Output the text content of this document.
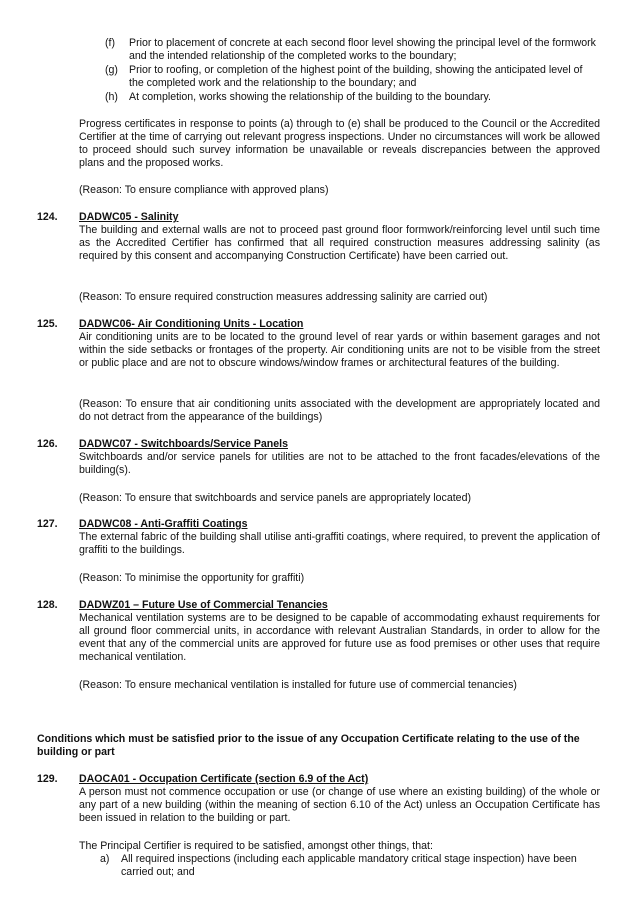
(f) Prior to placement of concrete at each second floor level showing the principal level of the formwork and the intended relationship of the completed works to the boundary;
(g) Prior to roofing, or completion of the highest point of the building, showing the anticipated level of the completed work and the relationship to the boundary; and
(h) At completion, works showing the relationship of the building to the boundary.

Progress certificates in response to points (a) through to (e) shall be produced to the Council or the Accredited Certifier at the time of carrying out relevant progress inspections. Under no circumstances will work be allowed to proceed should such survey information be unavailable or reveals discrepancies between the approved plans and the proposed works.

(Reason: To ensure compliance with approved plans)

124. DADWC05 - Salinity

The building and external walls are not to proceed past ground floor formwork/reinforcing level until such time as the Accredited Certifier has confirmed that all required construction measures addressing salinity (as required by this consent and accompanying Construction Certificate) have been carried out.

(Reason: To ensure required construction measures addressing salinity are carried out)

125. DADWC06- Air Conditioning Units - Location

Air conditioning units are to be located to the ground level of rear yards or within basement garages and not within the side setbacks or frontages of the property. Air conditioning units are not to be visible from the street or public place and are not to obscure windows/window frames or architectural features of the building.

(Reason: To ensure that air conditioning units associated with the development are appropriately located and do not detract from the appearance of the buildings)

126. DADWC07 - Switchboards/Service Panels

Switchboards and/or service panels for utilities are not to be attached to the front facades/elevations of the building(s).

(Reason: To ensure that switchboards and service panels are appropriately located)

127. DADWC08 - Anti-Graffiti Coatings

The external fabric of the building shall utilise anti-graffiti coatings, where required, to prevent the application of graffiti to the buildings.

(Reason: To minimise the opportunity for graffiti)

128. DADWZ01 – Future Use of Commercial Tenancies

Mechanical ventilation systems are to be designed to be capable of accommodating exhaust requirements for all ground floor commercial units, in accordance with relevant Australian Standards, in order to allow for the event that any of the commercial units are approved for future use as food premises or other uses that require mechanical ventilation.

(Reason: To ensure mechanical ventilation is installed for future use of commercial tenancies)

Conditions which must be satisfied prior to the issue of any Occupation Certificate relating to the use of the building or part
129. DAOCA01 - Occupation Certificate (section 6.9 of the Act)

A person must not commence occupation or use (or change of use where an existing building) of the whole or any part of a new building (within the meaning of section 6.10 of the Act) unless an Occupation Certificate has been issued in relation to the building or part.

The Principal Certifier is required to be satisfied, amongst other things, that:

a) All required inspections (including each applicable mandatory critical stage inspection) have been carried out; and
